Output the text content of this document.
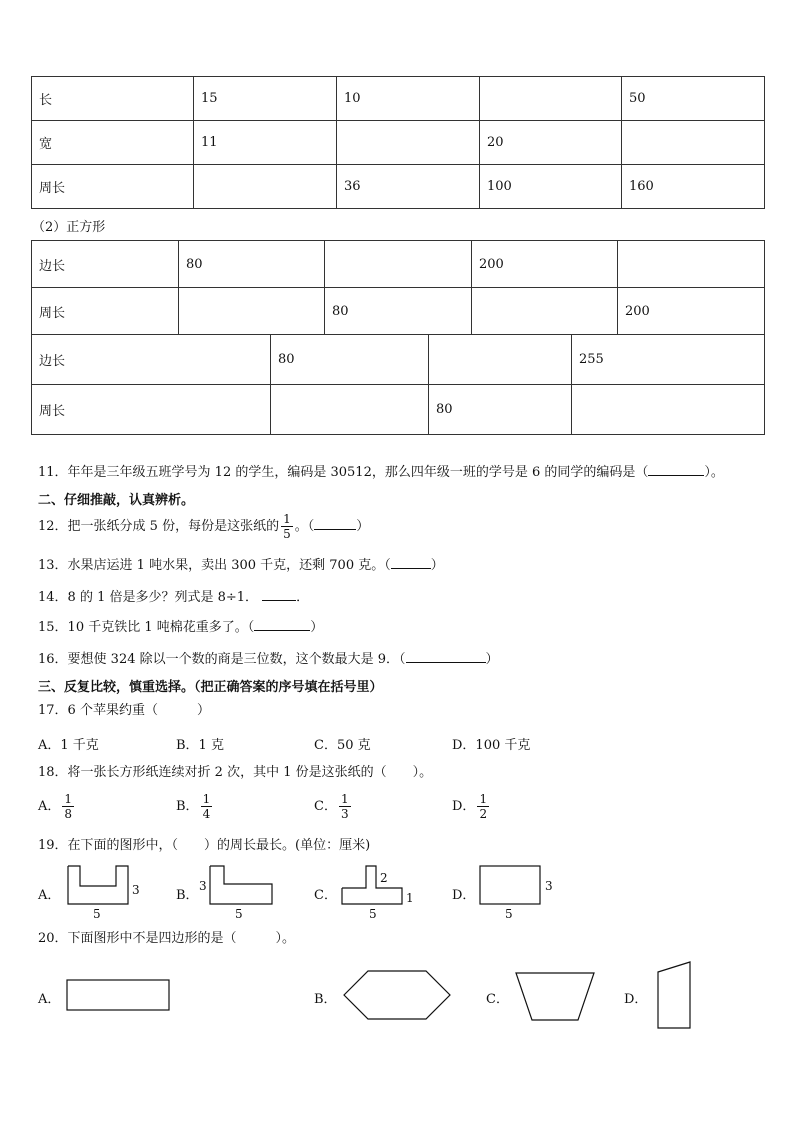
长	15	10		50
宽	11		20	
周长		36	100	160
（2）正方形
边长	80		200	
周长		80		200
边长	80		255
周长		80	
11．年年是三年级五班学号为 12 的学生，编码是 30512，那么四年级一班的学号是 6 的同学的编码是（	）。
二、仔细推敲，认真辨析。
12．把一张纸分成 5 份，每份是这张纸的 $\frac{1}{5}$ 。（	）
13．水果店运进 1 吨水果，卖出 300 千克，还剩 700 克。（	）
14．8 的 1 倍是多少？列式是 8÷1．	．
15．10 千克铁比 1 吨棉花重多了。（	）
16．要想使 324 除以一个数的商是三位数，这个数最大是 9．（	）
三、反复比较，慎重选择。（把正确答案的序号填在括号里）
17．6 个苹果约重（　　　）
A．1 千克	B．1 克	C．50 克	D．100 千克
18．将一张长方形纸连续对折 2 次，其中 1 份是这张纸的（　　）。
A． $\frac{1}{8}$	B． $\frac{1}{4}$	C． $\frac{1}{3}$	D． $\frac{1}{2}$
19．在下面的图形中，（　　）的周长最长。(单位：厘米)
A．	3
5
B．
3
5
C．
2
1
5
D．
3
5
20．下面图形中不是四边形的是（　　　）。
A．	B．	C．	D．
